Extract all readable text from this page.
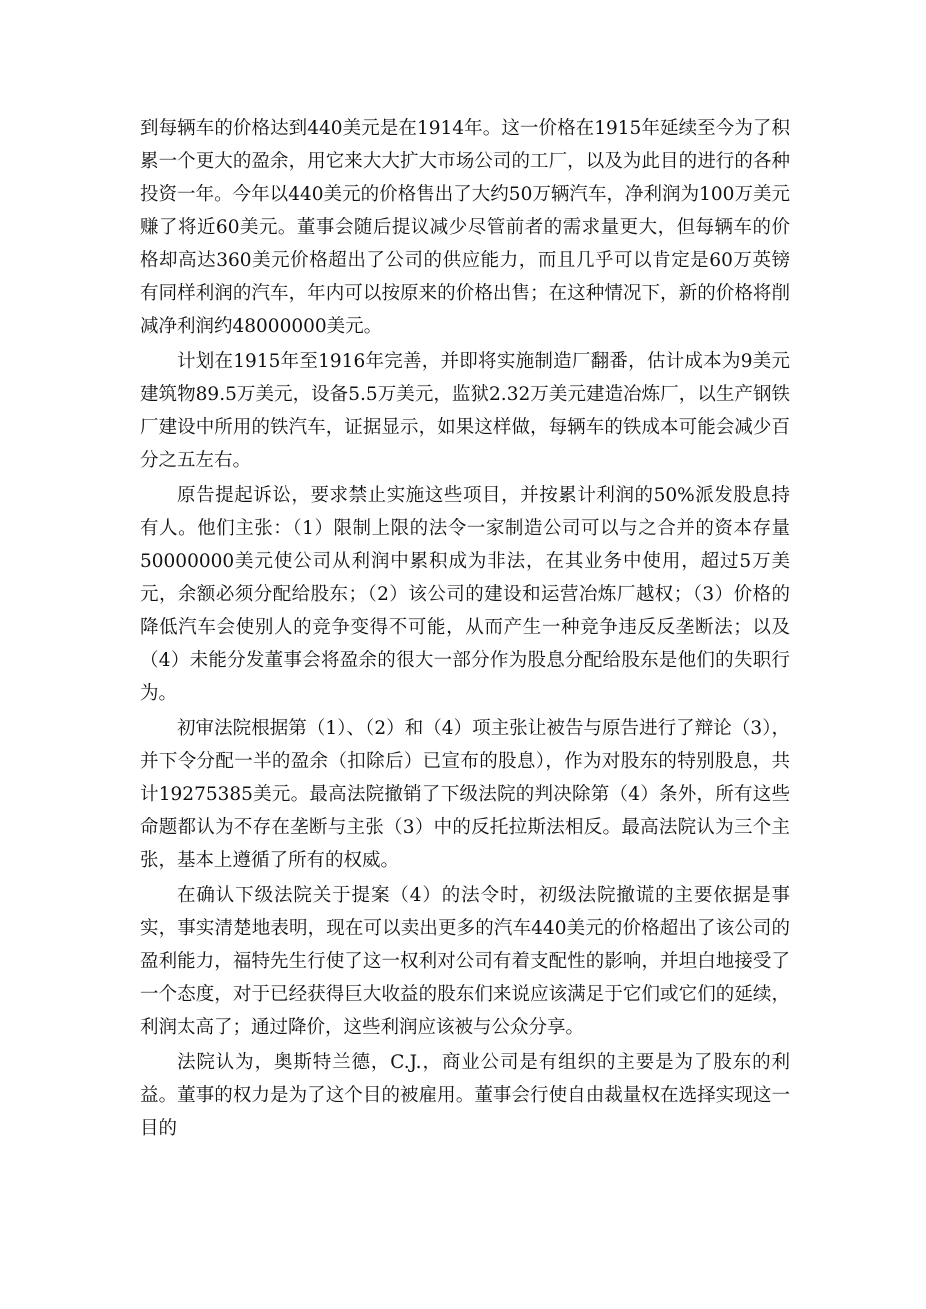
到每辆车的价格达到440美元是在1914年。这一价格在1915年延续至今为了积累一个更大的盈余，用它来大大扩大市场公司的工厂，以及为此目的进行的各种投资一年。今年以440美元的价格售出了大约50万辆汽车，净利润为100万美元赚了将近60美元。董事会随后提议减少尽管前者的需求量更大，但每辆车的价格却高达360美元价格超出了公司的供应能力，而且几乎可以肯定是60万英镑有同样利润的汽车，年内可以按原来的价格出售；在这种情况下，新的价格将削减净利润约48000000美元。

计划在1915年至1916年完善，并即将实施制造厂翻番，估计成本为9美元建筑物89.5万美元，设备5.5万美元，监狱2.32万美元建造冶炼厂，以生产钢铁厂建设中所用的铁汽车，证据显示，如果这样做，每辆车的铁成本可能会减少百分之五左右。

原告提起诉讼，要求禁止实施这些项目，并按累计利润的50%派发股息持有人。他们主张：（1）限制上限的法令一家制造公司可以与之合并的资本存量50000000美元使公司从利润中累积成为非法，在其业务中使用，超过5万美元，余额必须分配给股东；（2）该公司的建设和运营冶炼厂越权；（3）价格的降低汽车会使别人的竞争变得不可能，从而产生一种竞争违反反垄断法；以及（4）未能分发董事会将盈余的很大一部分作为股息分配给股东是他们的失职行为。

初审法院根据第（1）、（2）和（4）项主张让被告与原告进行了辩论（3），并下令分配一半的盈余（扣除后）已宣布的股息），作为对股东的特别股息，共计19275385美元。最高法院撤销了下级法院的判决除第（4）条外，所有这些命题都认为不存在垄断与主张（3）中的反托拉斯法相反。最高法院认为三个主张，基本上遵循了所有的权威。

在确认下级法院关于提案（4）的法令时，初级法院撤谎的主要依据是事实，事实清楚地表明，现在可以卖出更多的汽车440美元的价格超出了该公司的盈利能力，福特先生行使了这一权利对公司有着支配性的影响，并坦白地接受了一个态度，对于已经获得巨大收益的股东们来说应该满足于它们或它们的延续，利润太高了；通过降价，这些利润应该被与公众分享。

法院认为，奥斯特兰德，C.J.，商业公司是有组织的主要是为了股东的利益。董事的权力是为了这个目的被雇用。董事会行使自由裁量权在选择实现这一目的
